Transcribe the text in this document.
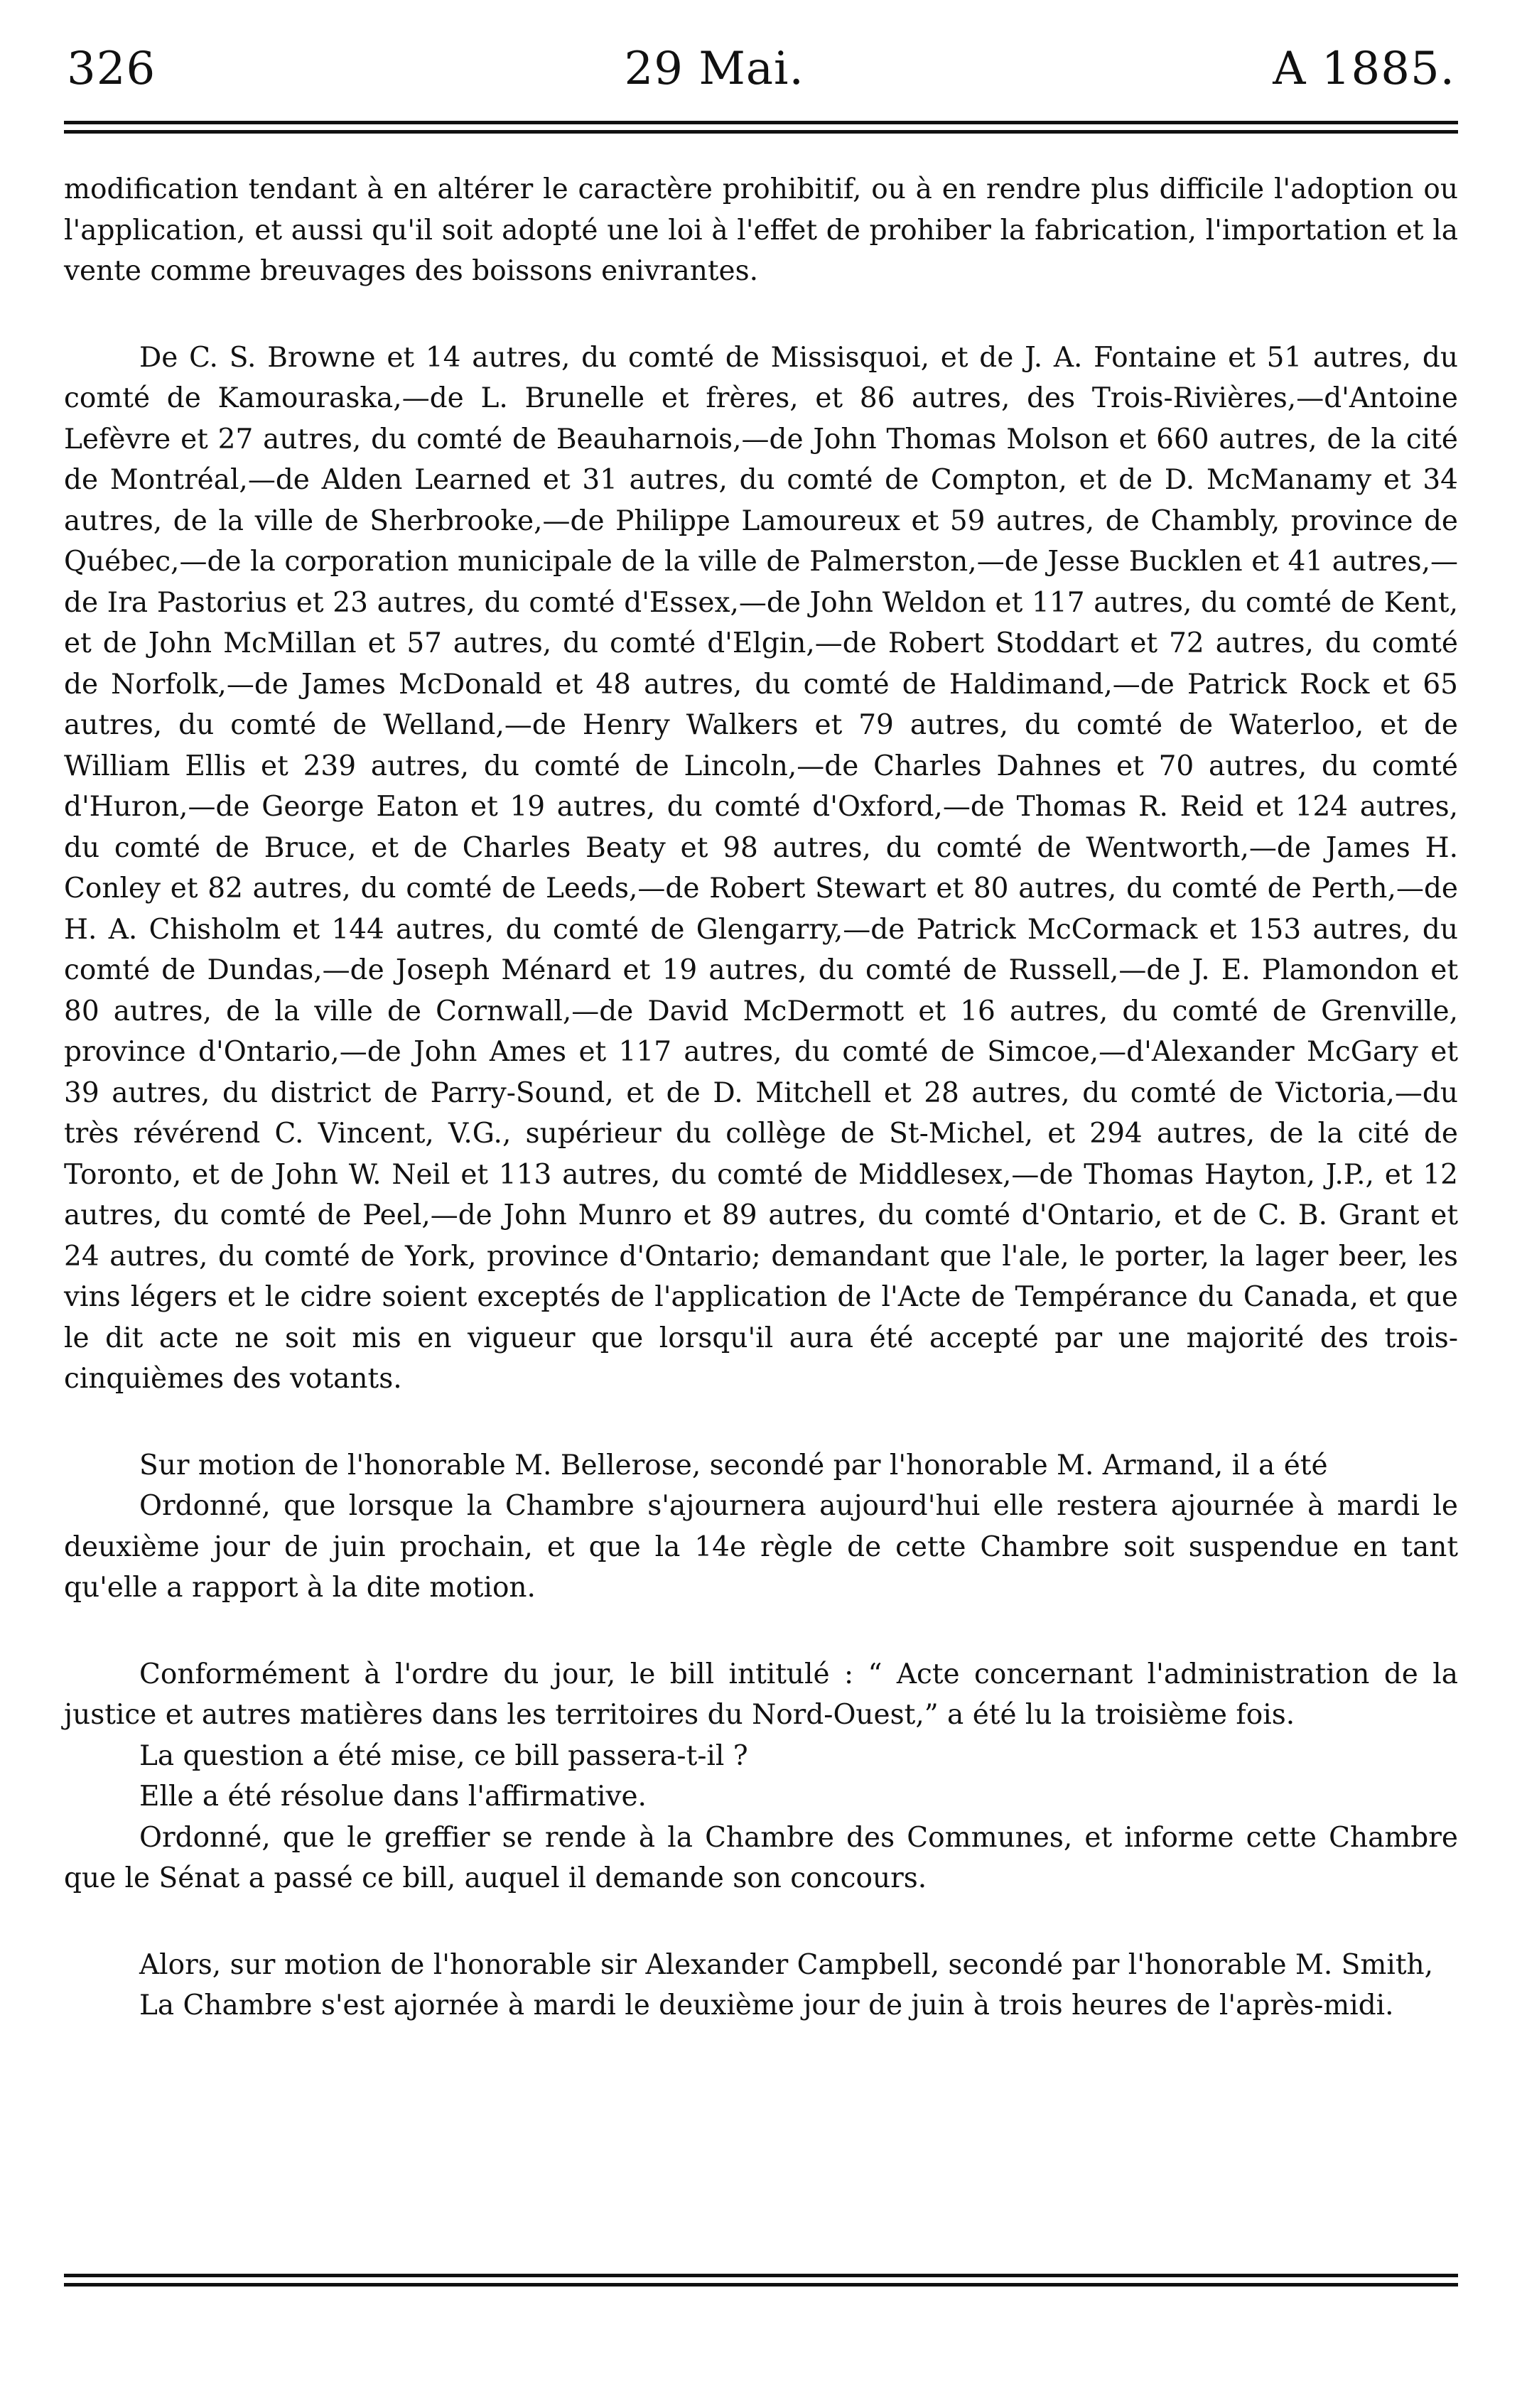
326	29 Mai.	A 1885.

modification tendant à en altérer le caractère prohibitif, ou à en rendre plus difficile l'adoption ou l'application, et aussi qu'il soit adopté une loi à l'effet de prohiber la fabrication, l'importation et la vente comme breuvages des boissons enivrantes.

De C. S. Browne et 14 autres, du comté de Missisquoi, et de J. A. Fontaine et 51 autres, du comté de Kamouraska,—de L. Brunelle et frères, et 86 autres, des Trois-Rivières,—d'Antoine Lefèvre et 27 autres, du comté de Beauharnois,—de John Thomas Molson et 660 autres, de la cité de Montréal,—de Alden Learned et 31 autres, du comté de Compton, et de D. McManamy et 34 autres, de la ville de Sherbrooke,—de Philippe Lamoureux et 59 autres, de Chambly, province de Québec,—de la corporation municipale de la ville de Palmerston,—de Jesse Bucklen et 41 autres,—de Ira Pastorius et 23 autres, du comté d'Essex,—de John Weldon et 117 autres, du comté de Kent, et de John McMillan et 57 autres, du comté d'Elgin,—de Robert Stoddart et 72 autres, du comté de Norfolk,—de James McDonald et 48 autres, du comté de Haldimand,—de Patrick Rock et 65 autres, du comté de Welland,—de Henry Walkers et 79 autres, du comté de Waterloo, et de William Ellis et 239 autres, du comté de Lincoln,—de Charles Dahnes et 70 autres, du comté d'Huron,—de George Eaton et 19 autres, du comté d'Oxford,—de Thomas R. Reid et 124 autres, du comté de Bruce, et de Charles Beaty et 98 autres, du comté de Wentworth,—de James H. Conley et 82 autres, du comté de Leeds,—de Robert Stewart et 80 autres, du comté de Perth,—de H. A. Chisholm et 144 autres, du comté de Glengarry,—de Patrick McCormack et 153 autres, du comté de Dundas,—de Joseph Ménard et 19 autres, du comté de Russell,—de J. E. Plamondon et 80 autres, de la ville de Cornwall,—de David McDermott et 16 autres, du comté de Grenville, province d'Ontario,—de John Ames et 117 autres, du comté de Simcoe,—d'Alexander McGary et 39 autres, du district de Parry-Sound, et de D. Mitchell et 28 autres, du comté de Victoria,—du très révérend C. Vincent, V.G., supérieur du collège de St-Michel, et 294 autres, de la cité de Toronto, et de John W. Neil et 113 autres, du comté de Middlesex,—de Thomas Hayton, J.P., et 12 autres, du comté de Peel,—de John Munro et 89 autres, du comté d'Ontario, et de C. B. Grant et 24 autres, du comté de York, province d'Ontario; demandant que l'ale, le porter, la lager beer, les vins légers et le cidre soient exceptés de l'application de l'Acte de Tempérance du Canada, et que le dit acte ne soit mis en vigueur que lorsqu'il aura été accepté par une majorité des trois-cinquièmes des votants.

Sur motion de l'honorable M. Bellerose, secondé par l'honorable M. Armand, il a été

Ordonné, que lorsque la Chambre s'ajournera aujourd'hui elle restera ajournée à mardi le deuxième jour de juin prochain, et que la 14e règle de cette Chambre soit suspendue en tant qu'elle a rapport à la dite motion.

Conformément à l'ordre du jour, le bill intitulé : “ Acte concernant l'administration de la justice et autres matières dans les territoires du Nord-Ouest,” a été lu la troisième fois.

La question a été mise, ce bill passera-t-il ?

Elle a été résolue dans l'affirmative.

Ordonné, que le greffier se rende à la Chambre des Communes, et informe cette Chambre que le Sénat a passé ce bill, auquel il demande son concours.

Alors, sur motion de l'honorable sir Alexander Campbell, secondé par l'honorable M. Smith,

La Chambre s'est ajornée à mardi le deuxième jour de juin à trois heures de l'après-midi.
